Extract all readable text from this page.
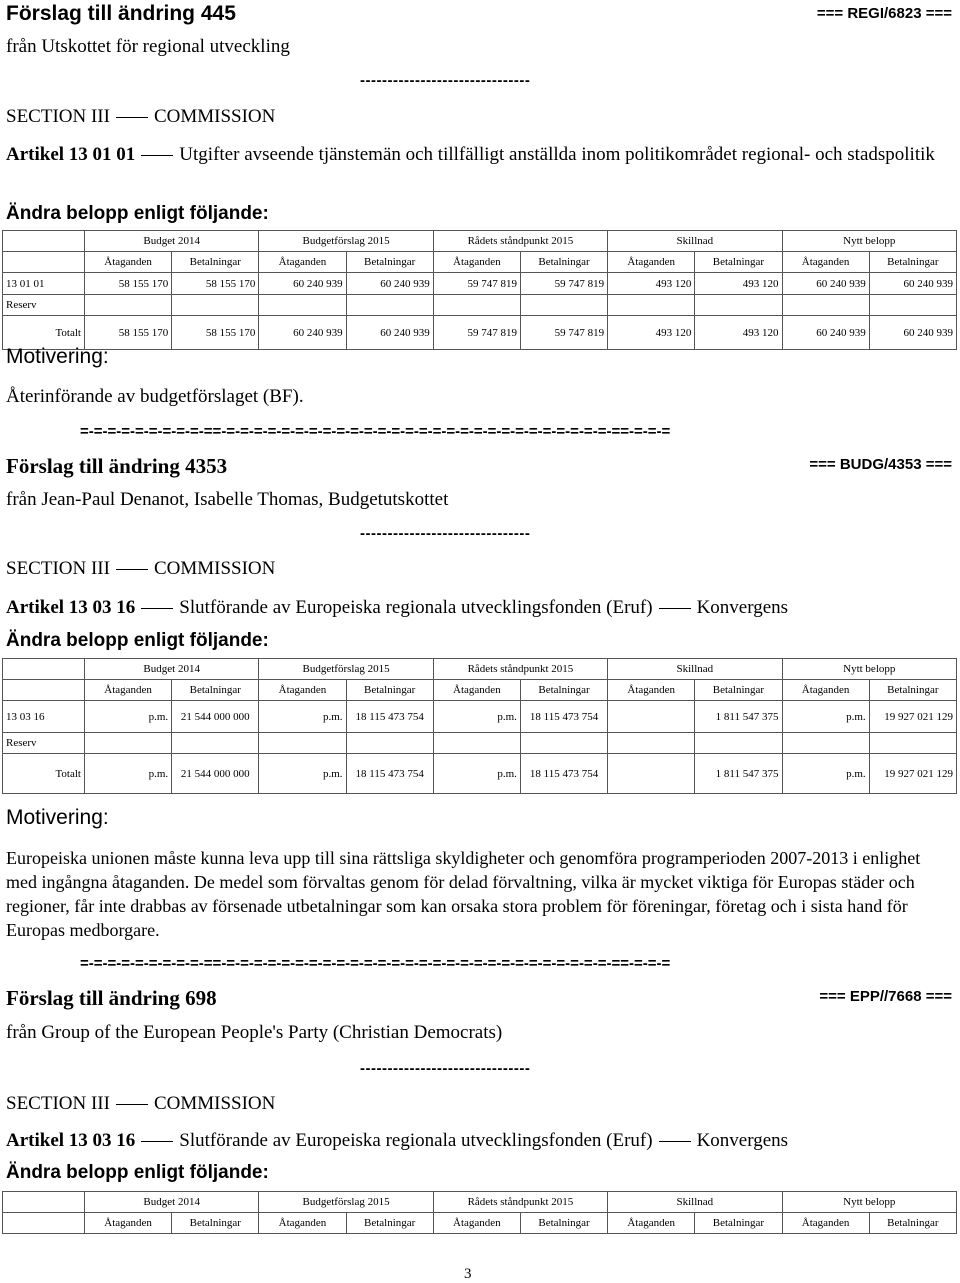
Förslag till ändring 445	=== REGI/6823 ===
från Utskottet för regional utveckling
-------------------------------
SECTION III COMMISSION
Artikel 13 01 01 Utgifter avseende tjänstemän och tillfälligt anställda inom politikområdet regional- och stadspolitik
Ändra belopp enligt följande:
	Budget 2014		Budgetförslag 2015		Rådets ståndpunkt 2015		Skillnad		Nytt belopp	
	Åtaganden	Betalningar	Åtaganden	Betalningar	Åtaganden	Betalningar	Åtaganden	Betalningar	Åtaganden	Betalningar
13 01 01	58 155 170	58 155 170	60 240 939	60 240 939	59 747 819	59 747 819	493 120	493 120	60 240 939	60 240 939
Reserv										
Totalt	58 155 170	58 155 170	60 240 939	60 240 939	59 747 819	59 747 819	493 120	493 120	60 240 939	60 240 939
Motivering:
Återinförande av budgetförslaget (BF).
=-=-=-=-=-=-=-=-=-==-=-=-=-=-=-=-=-=-=-=-=-=-=-=-=-=-=-=-=-=-=-=-=-=-=-=-=-=-==-=-=-=
Förslag till ändring 4353	=== BUDG/4353 ===
från Jean-Paul Denanot, Isabelle Thomas, Budgetutskottet
-------------------------------
SECTION III COMMISSION
Artikel 13 03 16 Slutförande av Europeiska regionala utvecklingsfonden (Eruf) Konvergens
Ändra belopp enligt följande:
	Budget 2014		Budgetförslag 2015		Rådets ståndpunkt 2015		Skillnad		Nytt belopp	
	Åtaganden	Betalningar	Åtaganden	Betalningar	Åtaganden	Betalningar	Åtaganden	Betalningar	Åtaganden	Betalningar
13 03 16	p.m.	21 544 000 000	p.m.	18 115 473 754	p.m.	18 115 473 754		1 811 547 375	p.m.	19 927 021 129
Reserv										
Totalt	p.m.	21 544 000 000	p.m.	18 115 473 754	p.m.	18 115 473 754		1 811 547 375	p.m.	19 927 021 129
Motivering:
Europeiska unionen måste kunna leva upp till sina rättsliga skyldigheter och genomföra programperioden 2007-2013 i enlighet med ingångna åtaganden. De medel som förvaltas genom för delad förvaltning, vilka är mycket viktiga för Europas städer och regioner, får inte drabbas av försenade utbetalningar som kan orsaka stora problem för föreningar, företag och i sista hand för Europas medborgare.
=-=-=-=-=-=-=-=-=-==-=-=-=-=-=-=-=-=-=-=-=-=-=-=-=-=-=-=-=-=-=-=-=-=-=-=-=-=-==-=-=-=
Förslag till ändring 698	=== EPP//7668 ===
från Group of the European People's Party (Christian Democrats)
-------------------------------
SECTION III COMMISSION
Artikel 13 03 16 Slutförande av Europeiska regionala utvecklingsfonden (Eruf) Konvergens
Ändra belopp enligt följande:
	Budget 2014		Budgetförslag 2015		Rådets ståndpunkt 2015		Skillnad		Nytt belopp	
	Åtaganden	Betalningar	Åtaganden	Betalningar	Åtaganden	Betalningar	Åtaganden	Betalningar	Åtaganden	Betalningar
3
